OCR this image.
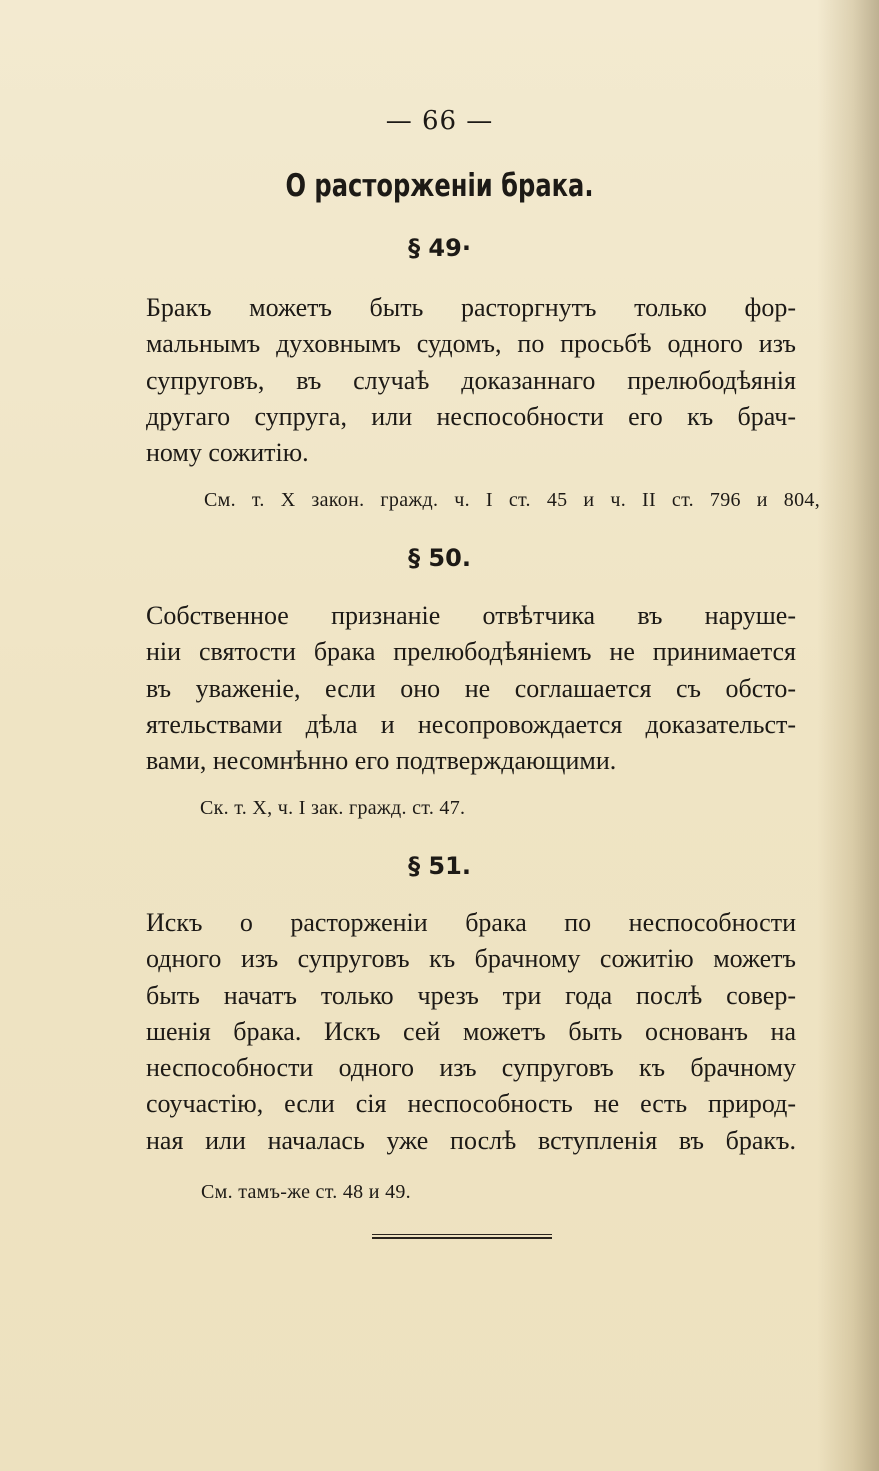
— 66 —
О расторженіи брака.
§ 49·
Бракъ можетъ быть расторгнутъ только фор-
мальнымъ духовнымъ судомъ, по просьбѣ одного изъ
супруговъ, въ случаѣ доказаннаго прелюбодѣянія
другаго супруга, или неспособности его къ брач-
ному сожитію.
См. т. X закон. гражд. ч. I ст. 45 и ч. II ст. 796 и 804,
§ 50.
Собственное признаніе отвѣтчика въ наруше-
ніи святости брака прелюбодѣяніемъ не принимается
въ уваженіе, если оно не соглашается съ обсто-
ятельствами дѣла и несопровождается доказательст-
вами, несомнѣнно его подтверждающими.
Ск. т. X, ч. I зак. гражд. ст. 47.
§ 51.
Искъ о расторженіи брака по неспособности
одного изъ супруговъ къ брачному сожитію можетъ
быть начатъ только чрезъ три года послѣ совер-
шенія брака. Искъ сей можетъ быть основанъ на
неспособности одного изъ супруговъ къ брачному
соучастію, если сія неспособность не есть природ-
ная или началась уже послѣ вступленія въ бракъ.
См. тамъ-же ст. 48 и 49.
